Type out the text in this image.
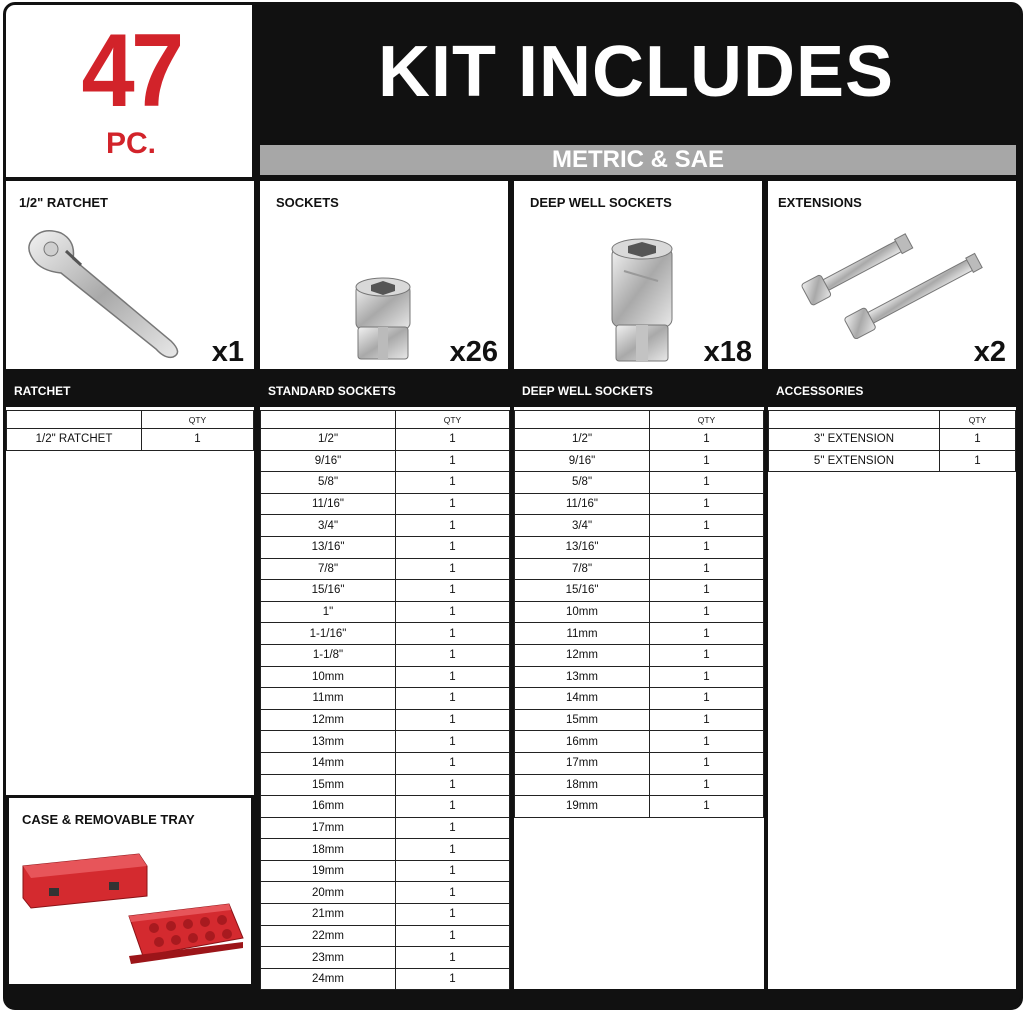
47
PC.
KIT INCLUDES
METRIC & SAE
1/2" RATCHET
x1
SOCKETS
x26
DEEP WELL SOCKETS
x18
EXTENSIONS
x2
RATCHET
	QTY
1/2" RATCHET	1
CASE & REMOVABLE TRAY
STANDARD SOCKETS
	QTY
1/2"	1
9/16"	1
5/8"	1
11/16"	1
3/4"	1
13/16"	1
7/8"	1
15/16"	1
1"	1
1-1/16"	1
1-1/8"	1
10mm	1
11mm	1
12mm	1
13mm	1
14mm	1
15mm	1
16mm	1
17mm	1
18mm	1
19mm	1
20mm	1
21mm	1
22mm	1
23mm	1
24mm	1
DEEP WELL SOCKETS
	QTY
1/2"	1
9/16"	1
5/8"	1
11/16"	1
3/4"	1
13/16"	1
7/8"	1
15/16"	1
10mm	1
11mm	1
12mm	1
13mm	1
14mm	1
15mm	1
16mm	1
17mm	1
18mm	1
19mm	1
ACCESSORIES
	QTY
3" EXTENSION	1
5" EXTENSION	1
